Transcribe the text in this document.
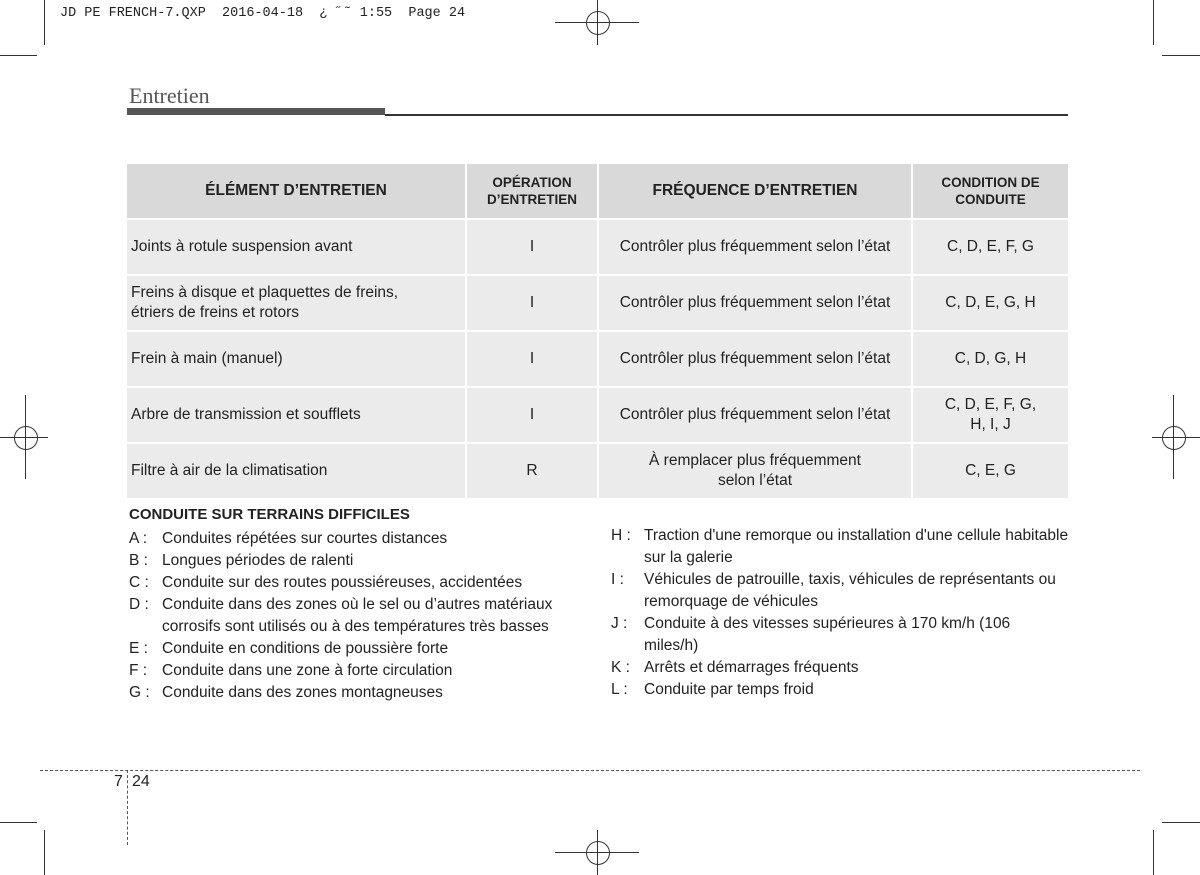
JD PE FRENCH-7.QXP  2016-04-18  ¿ ˝˜ 1:55  Page 24
Entretien
ÉLÉMENT D’ENTRETIEN	OPÉRATION D’ENTRETIEN	FRÉQUENCE D’ENTRETIEN	CONDITION DE CONDUITE
Joints à rotule suspension avant	I	Contrôler plus fréquemment selon l’état	C, D, E, F, G
Freins à disque et plaquettes de freins, étriers de freins et rotors	I	Contrôler plus fréquemment selon l’état	C, D, E, G, H
Frein à main (manuel)	I	Contrôler plus fréquemment selon l’état	C, D, G, H
Arbre de transmission et soufflets	I	Contrôler plus fréquemment selon l’état	C, D, E, F, G, H, I, J
Filtre à air de la climatisation	R	À remplacer plus fréquemment selon l’état	C, E, G
CONDUITE SUR TERRAINS DIFFICILES
A : Conduites répétées sur courtes distances
B : Longues périodes de ralenti
C : Conduite sur des routes poussiéreuses, accidentées
D : Conduite dans des zones où le sel ou d’autres matériaux corrosifs sont utilisés ou à des températures très basses
E : Conduite en conditions de poussière forte
F : Conduite dans une zone à forte circulation
G : Conduite dans des zones montagneuses
H : Traction d'une remorque ou installation d'une cellule habitable sur la galerie
I :	Véhicules de patrouille, taxis, véhicules de représentants ou remorquage de véhicules
J :	Conduite à des vitesses supérieures à 170 km/h (106 miles/h)
K : Arrêts et démarrages fréquents
L :	Conduite par temps froid
7 24
